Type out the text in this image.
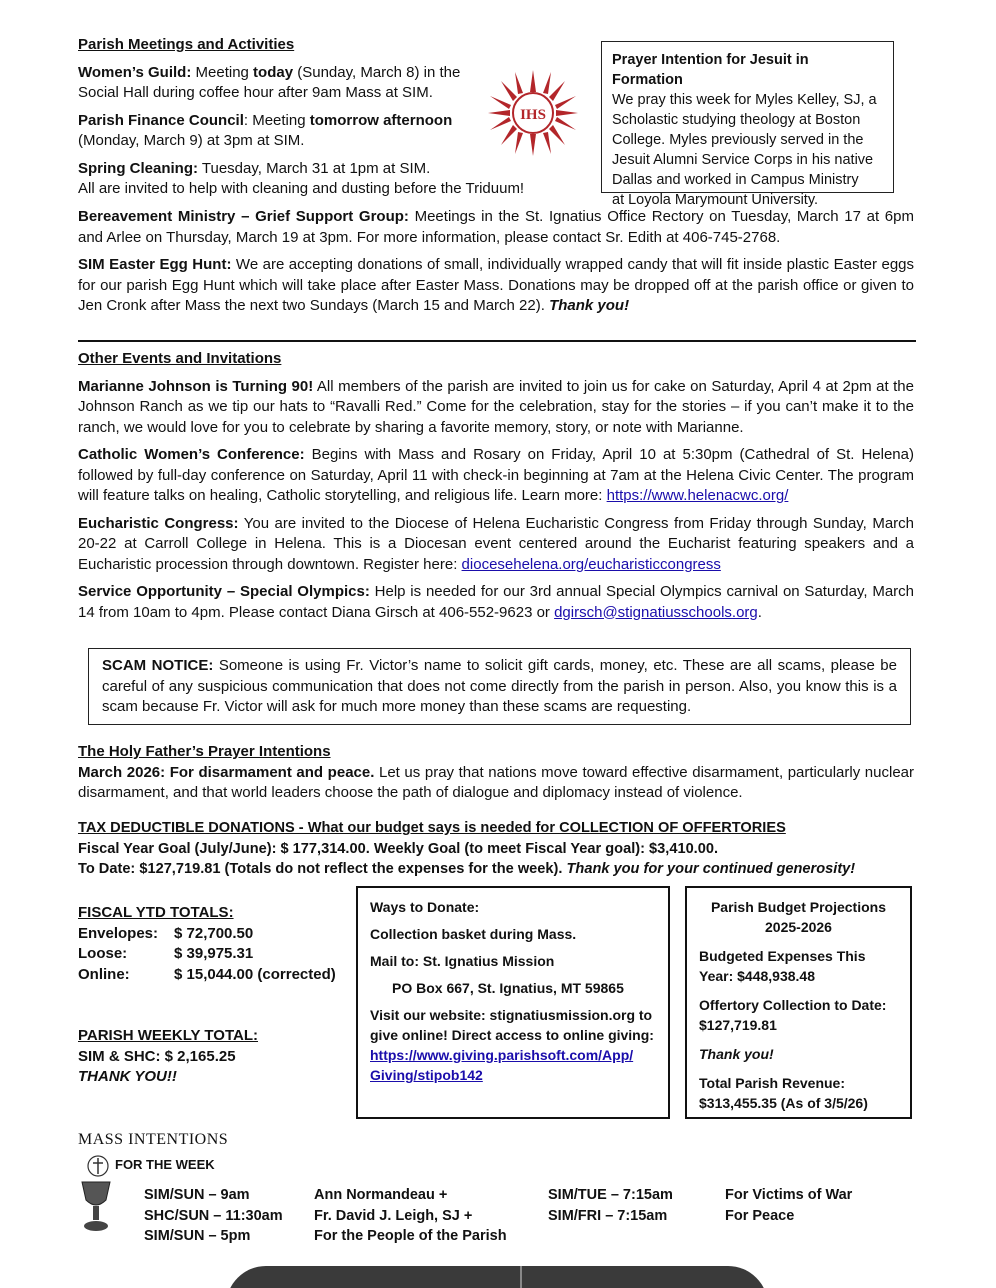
Parish Meetings and Activities

Women’s Guild: Meeting today (Sunday, March 8) in the
Social Hall during coffee hour after 9am Mass at SIM.

Parish Finance Council: Meeting tomorrow afternoon
(Monday, March 9) at 3pm at SIM.

Spring Cleaning: Tuesday, March 31 at 1pm at SIM.
All are invited to help with cleaning and dusting before the Triduum!

IHS

Prayer Intention for Jesuit in Formation

We pray this week for Myles Kelley, SJ, a

Scholastic studying theology at Boston

College. Myles previously served in the

Jesuit Alumni Service Corps in his native

Dallas and worked in Campus Ministry

at Loyola Marymount University.

Bereavement Ministry – Grief Support Group: Meetings in the St. Ignatius Office Rectory on Tuesday, March 17 at 6pm and Arlee on Thursday, March 19 at 3pm. For more information, please contact Sr. Edith at 406-745-2768.

SIM Easter Egg Hunt: We are accepting donations of small, individually wrapped candy that will fit inside plastic Easter eggs for our parish Egg Hunt which will take place after Easter Mass. Donations may be dropped off at the parish office or given to Jen Cronk after Mass the next two Sundays (March 15 and March 22). Thank you!

Other Events and Invitations

Marianne Johnson is Turning 90! All members of the parish are invited to join us for cake on Saturday, April 4 at 2pm at the Johnson Ranch as we tip our hats to “Ravalli Red.” Come for the celebration, stay for the stories – if you can’t make it to the ranch, we would love for you to celebrate by sharing a favorite memory, story, or note with Marianne.

Catholic Women’s Conference: Begins with Mass and Rosary on Friday, April 10 at 5:30pm (Cathedral of St. Helena) followed by full-day conference on Saturday, April 11 with check-in beginning at 7am at the Helena Civic Center. The program will feature talks on healing, Catholic storytelling, and religious life. Learn more: https://www.helenacwc.org/

Eucharistic Congress: You are invited to the Diocese of Helena Eucharistic Congress from Friday through Sunday, March 20-22 at Carroll College in Helena. This is a Diocesan event centered around the Eucharist featuring speakers and a Eucharistic procession through downtown. Register here: diocesehelena.org/eucharisticcongress

Service Opportunity – Special Olympics: Help is needed for our 3rd annual Special Olympics carnival on Saturday, March 14 from 10am to 4pm. Please contact Diana Girsch at 406-552-9623 or dgirsch@stignatiusschools.org.

SCAM NOTICE: Someone is using Fr. Victor’s name to solicit gift cards, money, etc. These are all scams, please be careful of any suspicious communication that does not come directly from the parish in person. Also, you know this is a scam because Fr. Victor will ask for much more money than these scams are requesting.

The Holy Father’s Prayer Intentions

March 2026: For disarmament and peace. Let us pray that nations move toward effective disarmament, particularly nuclear disarmament, and that world leaders choose the path of dialogue and diplomacy instead of violence.

TAX DEDUCTIBLE DONATIONS - What our budget says is needed for COLLECTION OF OFFERTORIES

Fiscal Year Goal (July/June): $ 177,314.00. Weekly Goal (to meet Fiscal Year goal): $3,410.00.

To Date: $127,719.81 (Totals do not reflect the expenses for the week). Thank you for your continued generosity!

FISCAL YTD TOTALS:

Envelopes:	$ 72,700.50
Loose:	$ 39,975.31
Online:	$ 15,044.00 (corrected)

PARISH WEEKLY TOTAL:

SIM & SHC: $ 2,165.25

THANK YOU!!

Ways to Donate:

Collection basket during Mass.

Mail to: St. Ignatius Mission

PO Box 667, St. Ignatius, MT 59865

Visit our website: stignatiusmission.org to give online! Direct access to online giving:

https://www.giving.parishsoft.com/App/

Giving/stipob142

Parish Budget Projections

2025-2026

Budgeted Expenses This Year: $448,938.48

Offertory Collection to Date: $127,719.81

Thank you!

Total Parish Revenue: $313,455.35 (As of 3/5/26)

MASS INTENTIONS

FOR THE WEEK
SIM/SUN – 9am	Ann Normandeau +
SHC/SUN – 11:30am	Fr. David J. Leigh, SJ +
SIM/SUN – 5pm	For the People of the Parish
SIM/TUE – 7:15am	For Victims of War
SIM/FRI – 7:15am	For Peace
